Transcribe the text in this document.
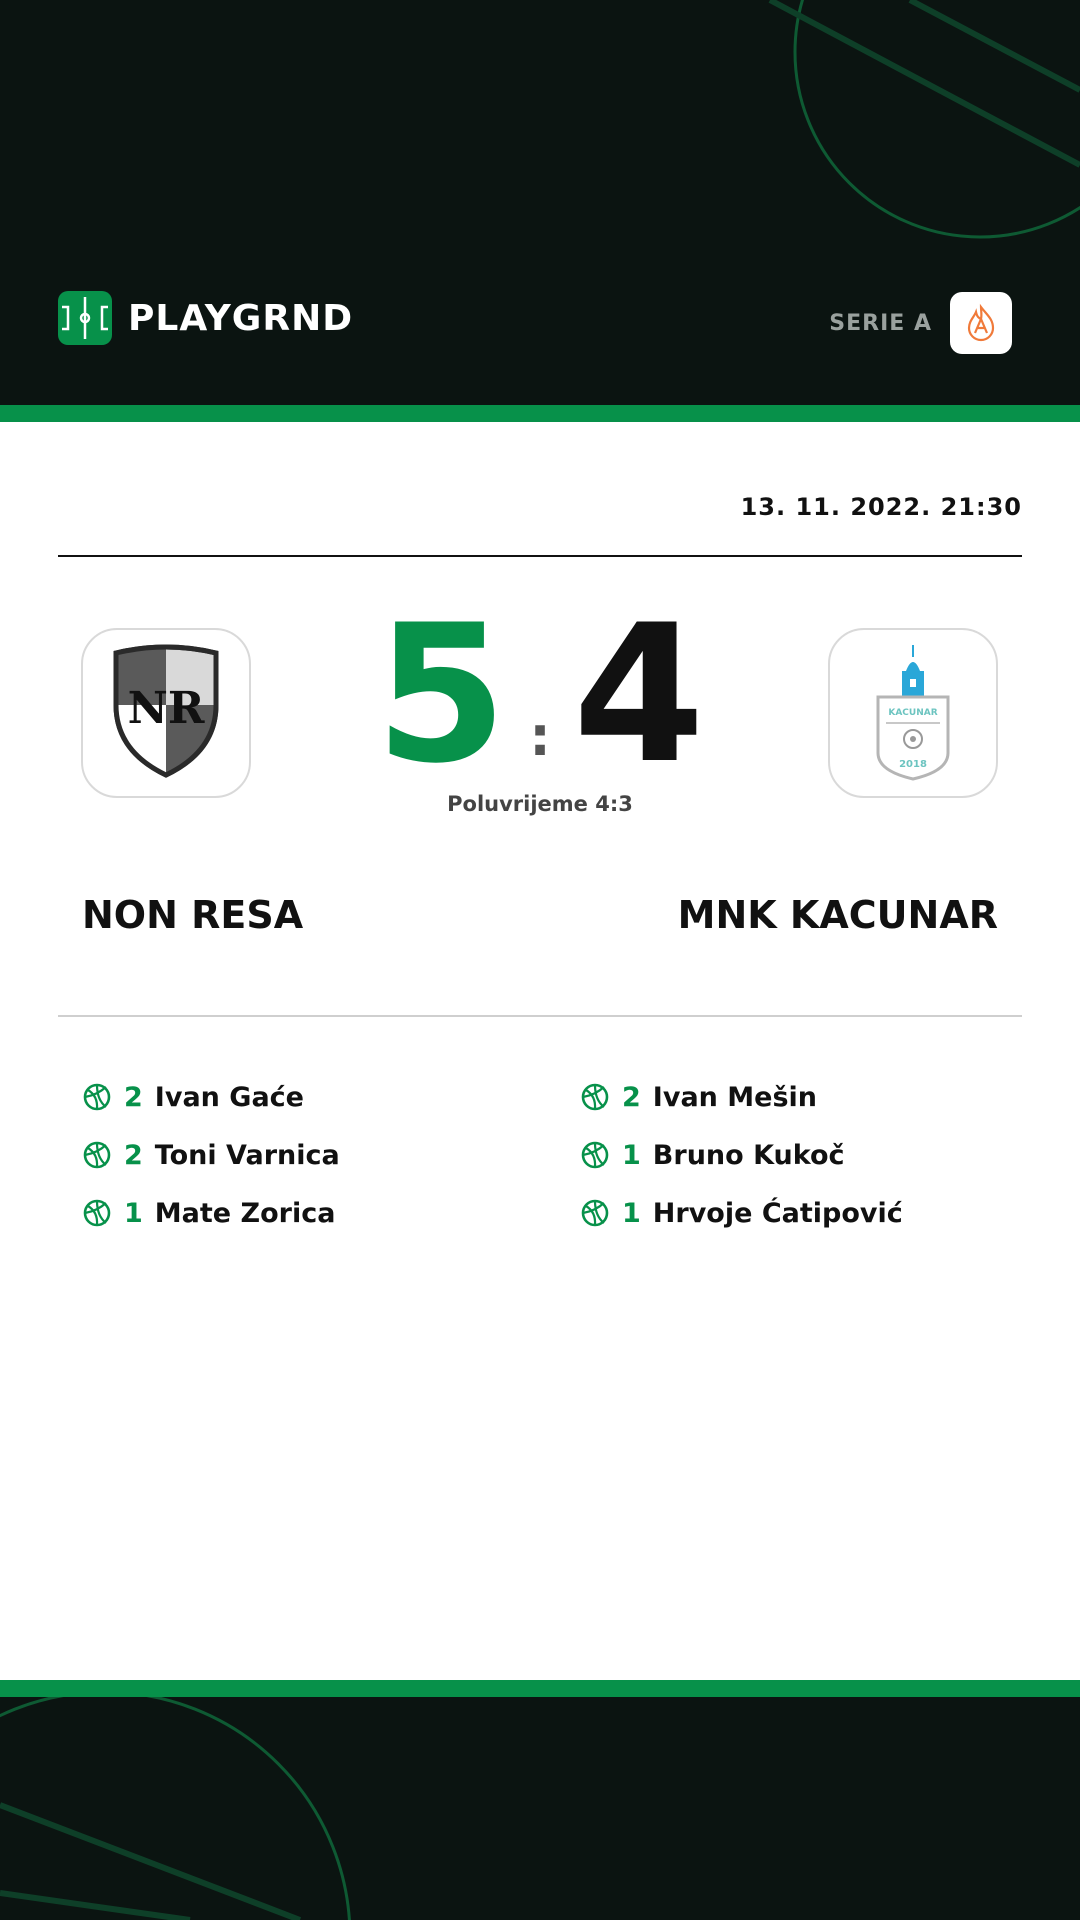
PLAYGRND	SERIE A
13. 11. 2022. 21:30
NR 5 : 4
Poluvrijeme 4:3
KACUNAR
2018
NON RESA	MNK KACUNAR
2 Ivan Gaće
2 Toni Varnica
1 Mate Zorica
2 Ivan Mešin
1 Bruno Kukoč
1 Hrvoje Ćatipović
